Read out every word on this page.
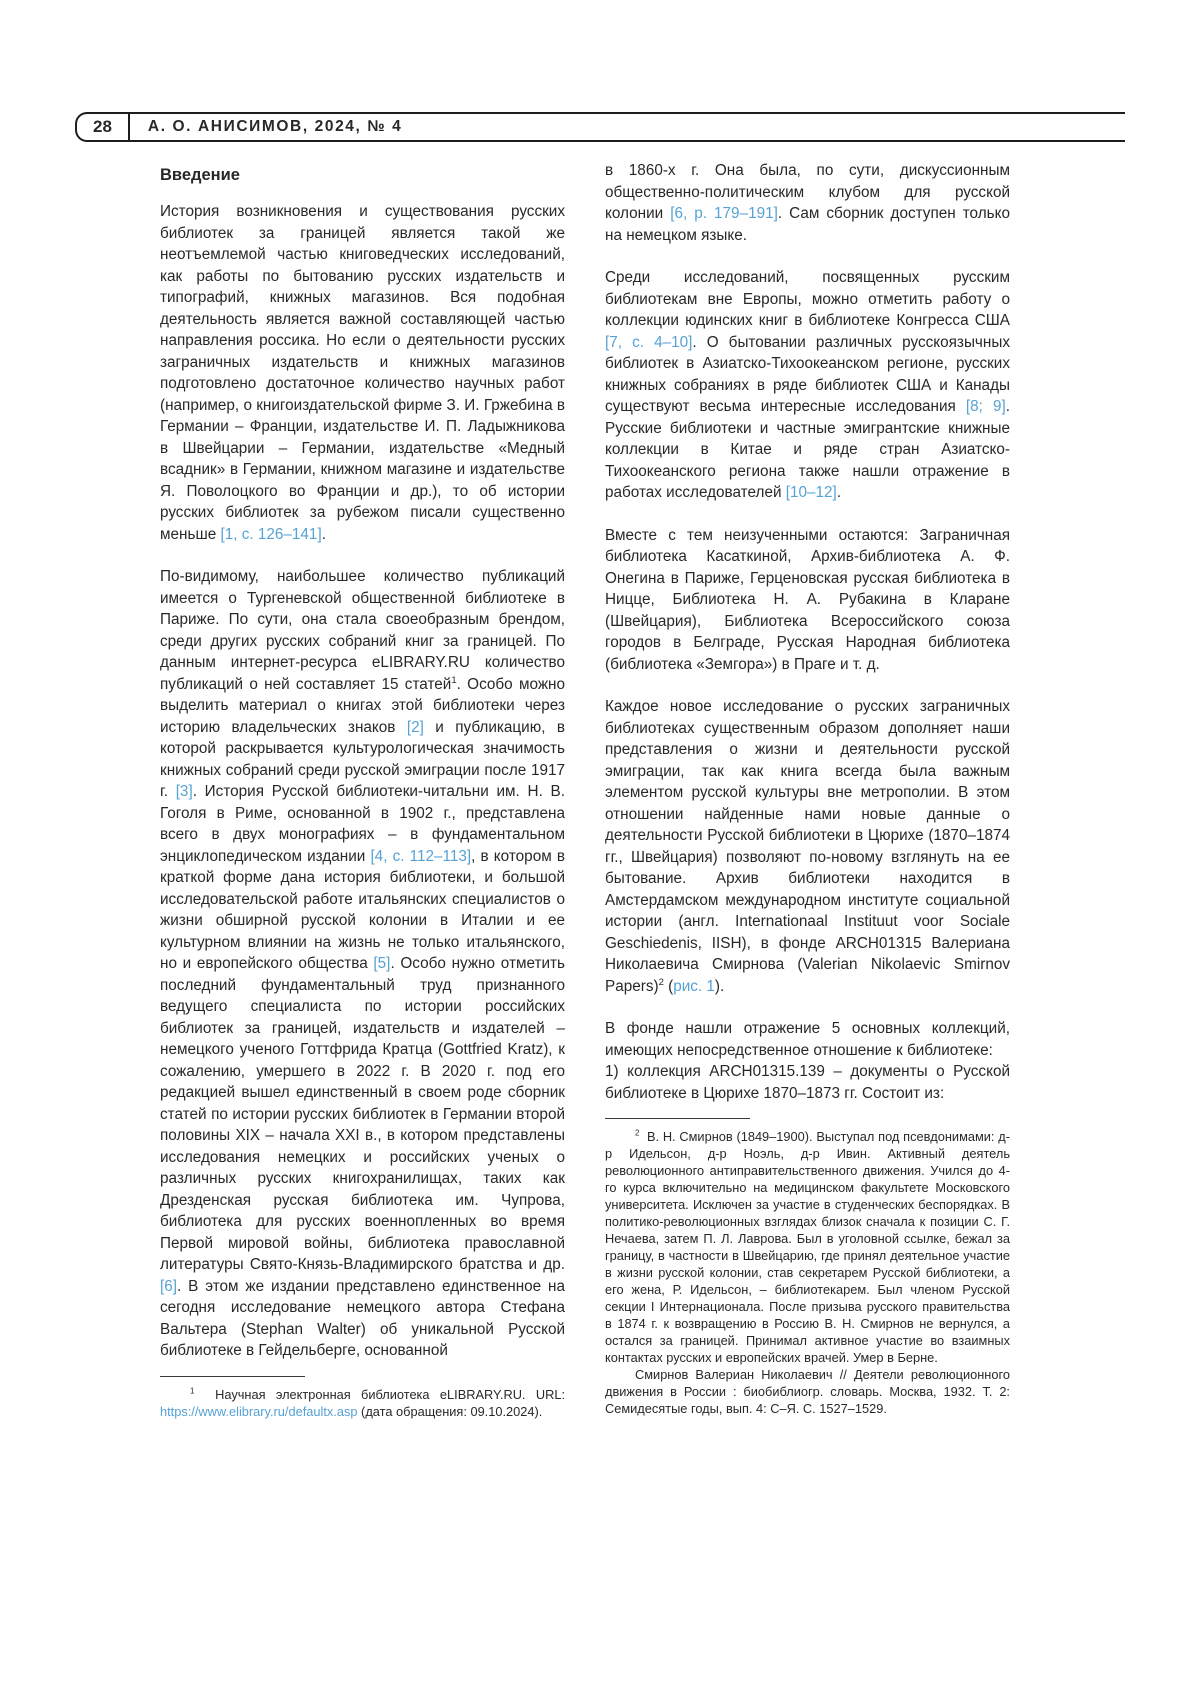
28	А. О. АНИСИМОВ, 2024, № 4
Введение

История возникновения и существования русских библиотек за границей является такой же неотъемлемой частью книговедческих исследований, как работы по бытованию русских издательств и типографий, книжных магазинов. Вся подобная деятельность является важной составляющей частью направления россика. Но если о деятельности русских заграничных издательств и книжных магазинов подготовлено достаточное количество научных работ (например, о книгоиздательской фирме З. И. Гржебина в Германии – Франции, издательстве И. П. Ладыжникова в Швейцарии – Германии, издательстве «Медный всадник» в Германии, книжном магазине и издательстве Я. Поволоцкого во Франции и др.), то об истории русских библиотек за рубежом писали существенно меньше [1, с. 126–141].

По-видимому, наибольшее количество публикаций имеется о Тургеневской общественной библиотеке в Париже. По сути, она стала своеобразным брендом, среди других русских собраний книг за границей. По данным интернет-ресурса eLIBRARY.RU количество публикаций о ней составляет 15 статей$^1$. Особо можно выделить материал о книгах этой библиотеки через историю владельческих знаков [2] и публикацию, в которой раскрывается культурологическая значимость книжных собраний среди русской эмиграции после 1917 г. [3]. История Русской библиотеки-читальни им. Н. В. Гоголя в Риме, основанной в 1902 г., представлена всего в двух монографиях – в фундаментальном энциклопедическом издании [4, с. 112–113], в котором в краткой форме дана история библиотеки, и большой исследовательской работе итальянских специалистов о жизни обширной русской колонии в Италии и ее культурном влиянии на жизнь не только итальянского, но и европейского общества [5]. Особо нужно отметить последний фундаментальный труд признанного ведущего специалиста по истории российских библиотек за границей, издательств и издателей – немецкого ученого Готтфрида Кратца (Gottfried Kratz), к сожалению, умершего в 2022 г. В 2020 г. под его редакцией вышел единственный в своем роде сборник статей по истории русских библиотек в Германии второй половины XIX – начала XXI в., в котором представлены исследования немецких и российских ученых о различных русских книгохранилищах, таких как Дрезденская русская библиотека им. Чупрова, библиотека для русских военнопленных во время Первой мировой войны, библиотека православной литературы Свято-Князь-Владимирского братства и др. [6]. В этом же издании представлено единственное на сегодня исследование немецкого автора Стефана Вальтера (Stephan Walter) об уникальной Русской библиотеке в Гейдельберге, основанной

$^1$  Научная электронная библиотека eLIBRARY.RU. URL: https://www.elibrary.ru/defaultx.asp (дата обращения: 09.10.2024).

в 1860-х г. Она была, по сути, дискуссионным общественно-политическим клубом для русской колонии [6, p. 179–191]. Сам сборник доступен только на немецком языке.

Среди исследований, посвященных русским библиотекам вне Европы, можно отметить работу о коллекции юдинских книг в библиотеке Конгресса США [7, с. 4–10]. О бытовании различных русскоязычных библиотек в Азиатско-Тихоокеанском регионе, русских книжных собраниях в ряде библиотек США и Канады существуют весьма интересные исследования [8; 9]. Русские библиотеки и частные эмигрантские книжные коллекции в Китае и ряде стран Азиатско-Тихоокеанского региона также нашли отражение в работах исследователей [10–12].

Вместе с тем неизученными остаются: Заграничная библиотека Касаткиной, Архив-библиотека А. Ф. Онегина в Париже, Герценовская русская библиотека в Ницце, Библиотека Н. А. Рубакина в Кларане (Швейцария), Библиотека Всероссийского союза городов в Белграде, Русская Народная библиотека (библиотека «Земгора») в Праге и т. д.

Каждое новое исследование о русских заграничных библиотеках существенным образом дополняет наши представления о жизни и деятельности русской эмиграции, так как книга всегда была важным элементом русской культуры вне метрополии. В этом отношении найденные нами новые данные о деятельности Русской библиотеки в Цюрихе (1870–1874 гг., Швейцария) позволяют по-новому взглянуть на ее бытование. Архив библиотеки находится в Амстердамском международном институте социальной истории (англ. Internationaal Instituut voor Sociale Geschiedenis, IISH), в фонде ARCH01315 Валериана Николаевича Смирнова (Valerian Nikolaevic Smirnov Papers)$^2$ (рис. 1).

В фонде нашли отражение 5 основных коллекций, имеющих непосредственное отношение к библиотеке:
1) коллекция ARCH01315.139 – документы о Русской библиотеке в Цюрихе 1870–1873 гг. Состоит из:

$^2$  В. Н. Смирнов (1849–1900). Выступал под псевдонимами: д-р Идельсон, д-р Ноэль, д-р Ивин. Активный деятель революционного антиправительственного движения. Учился до 4-го курса включительно на медицинском факультете Московского университета. Исключен за участие в студенческих беспорядках. В политико-революционных взглядах близок сначала к позиции С. Г. Нечаева, затем П. Л. Лаврова. Был в уголовной ссылке, бежал за границу, в частности в Швейцарию, где принял деятельное участие в жизни русской колонии, став секретарем Русской библиотеки, а его жена, Р. Идельсон, – библиотекарем. Был членом Русской секции I Интернационала. После призыва русского правительства в 1874 г. к возвращению в Россию В. Н. Смирнов не вернулся, а остался за границей. Принимал активное участие во взаимных контактах русских и европейских врачей. Умер в Берне.

Смирнов Валериан Николаевич // Деятели революционного движения в России : биобиблиогр. словарь. Москва, 1932. Т. 2: Семидесятые годы, вып. 4: С–Я. С. 1527–1529.
